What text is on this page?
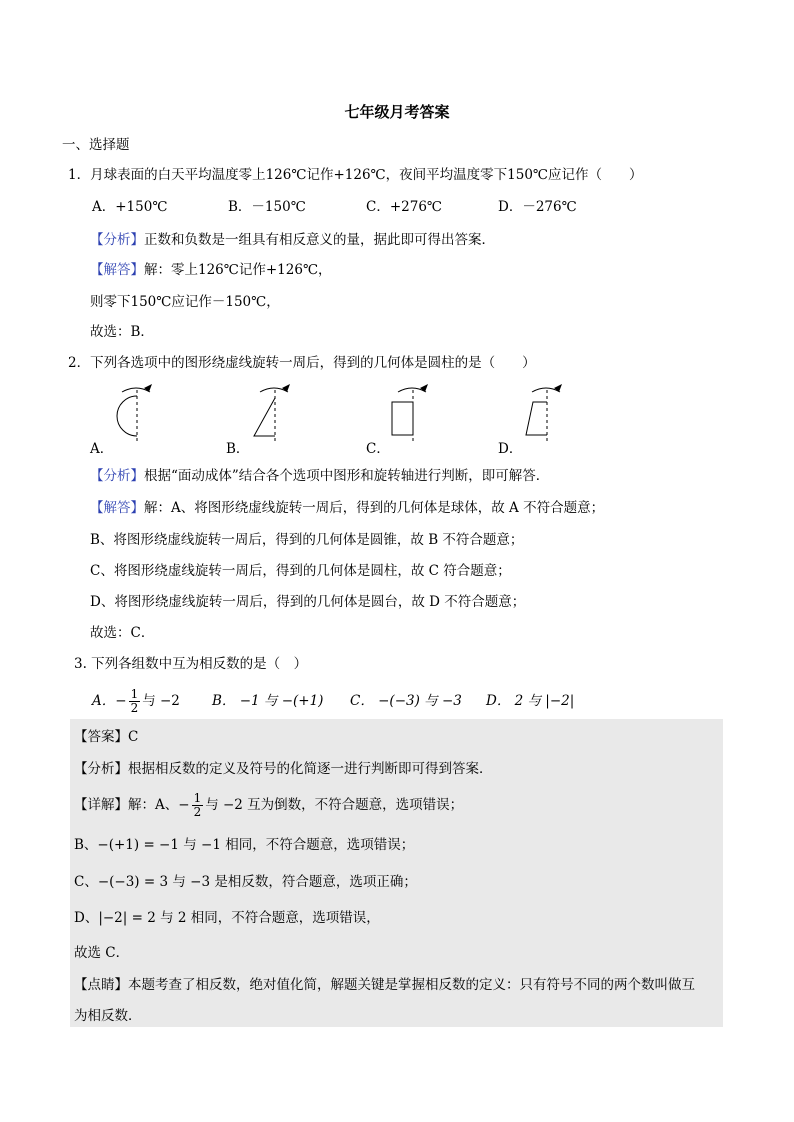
七年级月考答案
一、选择题
1．月球表面的白天平均温度零上126℃记作+126℃，夜间平均温度零下150℃应记作（　　）
A．+150℃	B．－150℃	C．+276℃	D．－276℃
【分析】正数和负数是一组具有相反意义的量，据此即可得出答案．
【解答】解：零上126℃记作+126℃，
则零下150℃应记作－150℃，
故选：B．
2．下列各选项中的图形绕虚线旋转一周后，得到的几何体是圆柱的是（　　）
A．	B．	C．	D．
【分析】根据“面动成体”结合各个选项中图形和旋转轴进行判断，即可解答．
【解答】解：A、将图形绕虚线旋转一周后，得到的几何体是球体，故 A 不符合题意；
B、将图形绕虚线旋转一周后，得到的几何体是圆锥，故 B 不符合题意；
C、将图形绕虚线旋转一周后，得到的几何体是圆柱，故 C 符合题意；
D、将图形绕虚线旋转一周后，得到的几何体是圆台，故 D 不符合题意；
故选：C．
3. 下列各组数中互为相反数的是（　）
A．− $\frac{1}{2}$ 与 −2 B． −1 与 −(+1) C． −(−3) 与 −3 D． 2 与 |−2|
【答案】C
【分析】根据相反数的定义及符号的化简逐一进行判断即可得到答案．
【详解】解：A、− $\frac{1}{2}$ 与 −2 互为倒数，不符合题意，选项错误；
B、−(+1) = −1 与 −1 相同，不符合题意，选项错误；
C、−(−3) = 3 与 −3 是相反数，符合题意，选项正确；
D、|−2| = 2 与 2 相同，不符合题意，选项错误，
故选 C．
【点睛】本题考查了相反数，绝对值化简，解题关键是掌握相反数的定义：只有符号不同的两个数叫做互
为相反数．
